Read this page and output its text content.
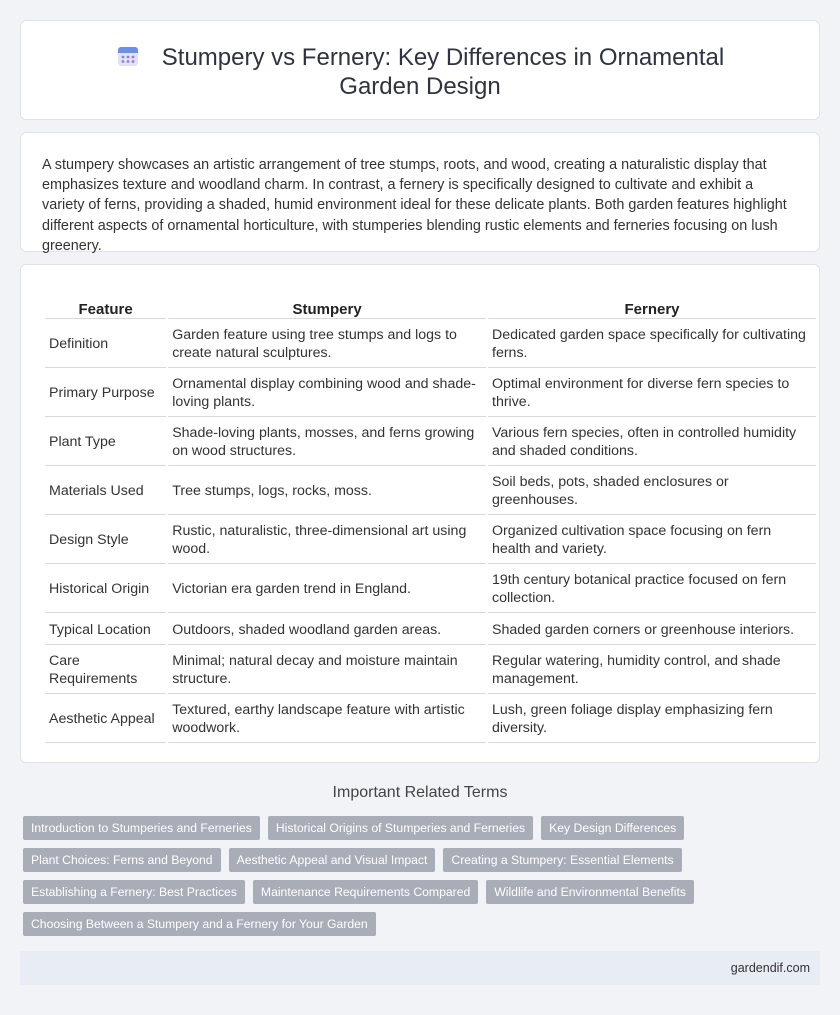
Stumpery vs Fernery: Key Differences in Ornamental Garden Design

A stumpery showcases an artistic arrangement of tree stumps, roots, and wood, creating a naturalistic display that emphasizes texture and woodland charm. In contrast, a fernery is specifically designed to cultivate and exhibit a variety of ferns, providing a shaded, humid environment ideal for these delicate plants. Both garden features highlight different aspects of ornamental horticulture, with stumperies blending rustic elements and ferneries focusing on lush greenery.

Feature	Stumpery	Fernery
Definition	Garden feature using tree stumps and logs to create natural sculptures.	Dedicated garden space specifically for cultivating ferns.
Primary Purpose	Ornamental display combining wood and shade-loving plants.	Optimal environment for diverse fern species to thrive.
Plant Type	Shade-loving plants, mosses, and ferns growing on wood structures.	Various fern species, often in controlled humidity and shaded conditions.
Materials Used	Tree stumps, logs, rocks, moss.	Soil beds, pots, shaded enclosures or greenhouses.
Design Style	Rustic, naturalistic, three-dimensional art using wood.	Organized cultivation space focusing on fern health and variety.
Historical Origin	Victorian era garden trend in England.	19th century botanical practice focused on fern collection.
Typical Location	Outdoors, shaded woodland garden areas.	Shaded garden corners or greenhouse interiors.
Care Requirements	Minimal; natural decay and moisture maintain structure.	Regular watering, humidity control, and shade management.
Aesthetic Appeal	Textured, earthy landscape feature with artistic woodwork.	Lush, green foliage display emphasizing fern diversity.
Important Related Terms
Introduction to Stumperies and Ferneries	Historical Origins of Stumperies and Ferneries	Key Design Differences
Plant Choices: Ferns and Beyond	Aesthetic Appeal and Visual Impact	Creating a Stumpery: Essential Elements
Establishing a Fernery: Best Practices	Maintenance Requirements Compared	Wildlife and Environmental Benefits
Choosing Between a Stumpery and a Fernery for Your Garden
gardendif.com
